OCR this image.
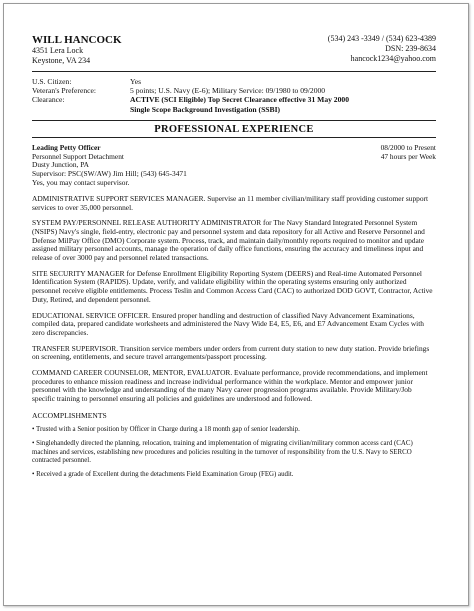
WILL HANCOCK
4351 Lera Lock
Keystone, VA 234
(534) 243 -3349 / (534) 623-4389
DSN: 239-8634
hancock1234@yahoo.com
U.S. Citizen:	Yes
Veteran's Preference:	5 points; U.S. Navy (E-6); Military Service: 09/1980 to 09/2000
Clearance:	ACTIVE (SCI Eligible) Top Secret Clearance effective 31 May 2000
Single Scope Background Investigation (SSBI)
PROFESSIONAL EXPERIENCE
Leading Petty Officer	08/2000 to Present
Personnel Support Detachment	47 hours per Week
Dusty Junction, PA
Supervisor: PSC(SW/AW) Jim Hill; (543) 645-3471
Yes, you may contact supervisor.
ADMINISTRATIVE SUPPORT SERVICES MANAGER. Supervise an 11 member civilian/military staff providing customer support services to over 35,000 personnel.
SYSTEM PAY/PERSONNEL RELEASE AUTHORITY ADMINISTRATOR for The Navy Standard Integrated Personnel System (NSIPS) Navy's single, field-entry, electronic pay and personnel system and data repository for all Active and Reserve Personnel and Defense MilPay Office (DMO) Corporate system. Process, track, and maintain daily/monthly reports required to monitor and update assigned military personnel accounts, manage the operation of daily office functions, ensuring the accuracy and timeliness input and release of over 3000 pay and personnel related transactions.
SITE SECURITY MANAGER for Defense Enrollment Eligibility Reporting System (DEERS) and Real-time Automated Personnel Identification System (RAPIDS). Update, verify, and validate eligibility within the operating systems ensuring only authorized personnel receive eligible entitlements. Process Teslin and Common Access Card (CAC) to authorized DOD GOVT, Contractor, Active Duty, Retired, and dependent personnel.
EDUCATIONAL SERVICE OFFICER. Ensured proper handling and destruction of classified Navy Advancement Examinations, compiled data, prepared candidate worksheets and administered the Navy Wide E4, E5, E6, and E7 Advancement Exam Cycles with zero discrepancies.
TRANSFER SUPERVISOR. Transition service members under orders from current duty station to new duty station. Provide briefings on screening, entitlements, and secure travel arrangements/passport processing.
COMMAND CAREER COUNSELOR, MENTOR, EVALUATOR. Evaluate performance, provide recommendations, and implement procedures to enhance mission readiness and increase individual performance within the workplace. Mentor and empower junior personnel with the knowledge and understanding of the many Navy career progression programs available. Provide Military/Job specific training to personnel ensuring all policies and guidelines are understood and followed.
ACCOMPLISHMENTS
• Trusted with a Senior position by Officer in Charge during a 18 month gap of senior leadership.
• Singlehandedly directed the planning, relocation, training and implementation of migrating civilian/military common access card (CAC) machines and services, establishing new procedures and policies resulting in the turnover of responsibility from the U.S. Navy to SERCO contracted personnel.
• Received a grade of Excellent during the detachments Field Examination Group (FEG) audit.
